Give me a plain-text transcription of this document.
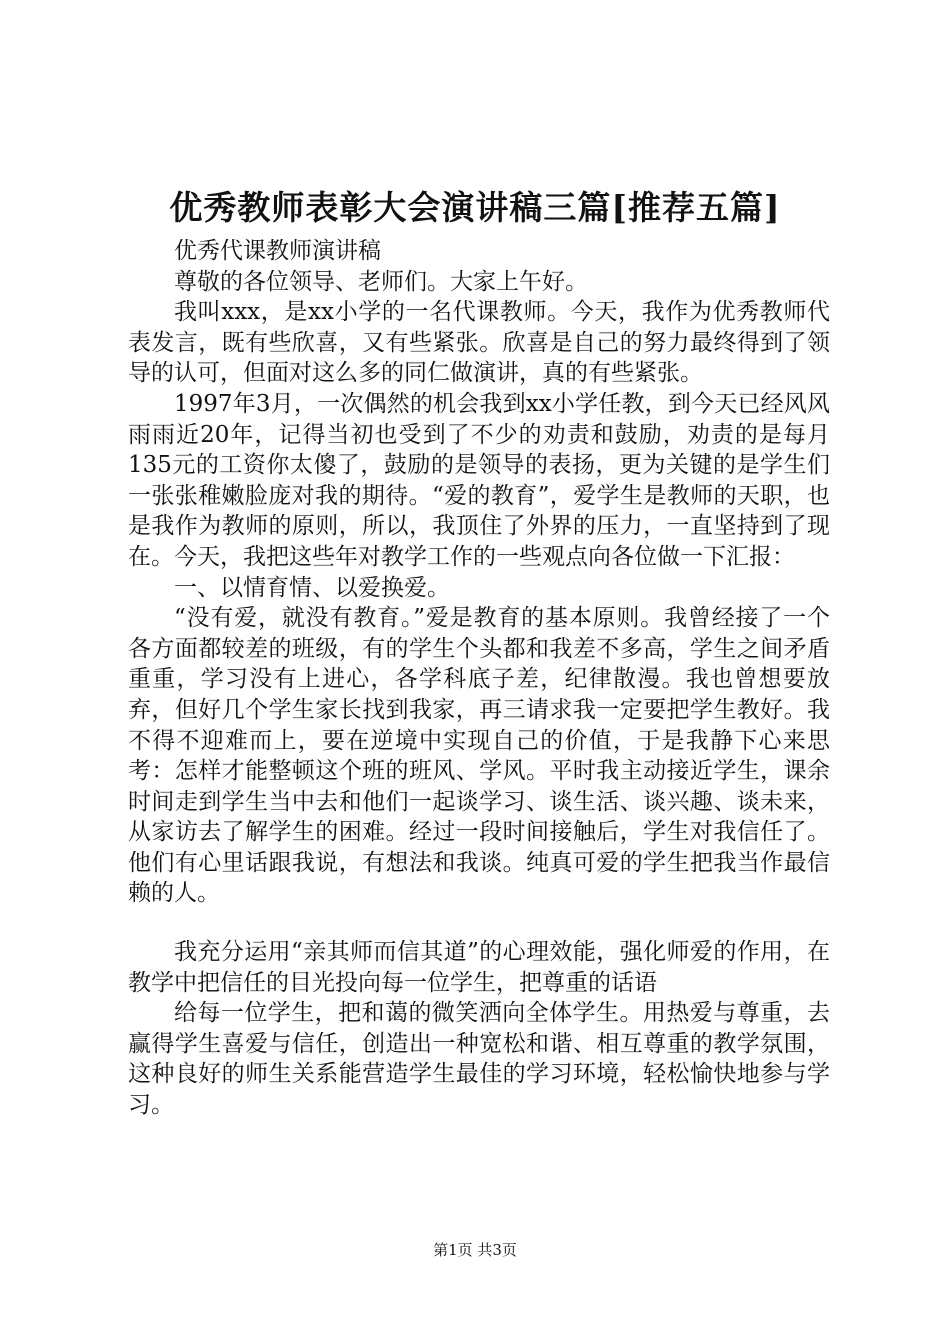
优秀教师表彰大会演讲稿三篇[推荐五篇]

优秀代课教师演讲稿

尊敬的各位领导、老师们。大家上午好。

我叫xxx，是xx小学的一名代课教师。今天，我作为优秀教师代表发言，既有些欣喜，又有些紧张。欣喜是自己的努力最终得到了领导的认可，但面对这么多的同仁做演讲，真的有些紧张。

1997年3月，一次偶然的机会我到xx小学任教，到今天已经风风雨雨近20年，记得当初也受到了不少的劝责和鼓励，劝责的是每月135元的工资你太傻了，鼓励的是领导的表扬，更为关键的是学生们一张张稚嫩脸庞对我的期待。“爱的教育”，爱学生是教师的天职，也是我作为教师的原则，所以，我顶住了外界的压力，一直坚持到了现在。今天，我把这些年对教学工作的一些观点向各位做一下汇报：

一、以情育情、以爱换爱。

“没有爱，就没有教育。”爱是教育的基本原则。我曾经接了一个各方面都较差的班级，有的学生个头都和我差不多高，学生之间矛盾重重，学习没有上进心，各学科底子差，纪律散漫。我也曾想要放弃，但好几个学生家长找到我家，再三请求我一定要把学生教好。我不得不迎难而上，要在逆境中实现自己的价值，于是我静下心来思考：怎样才能整顿这个班的班风、学风。平时我主动接近学生，课余时间走到学生当中去和他们一起谈学习、谈生活、谈兴趣、谈未来，从家访去了解学生的困难。经过一段时间接触后，学生对我信任了。他们有心里话跟我说，有想法和我谈。纯真可爱的学生把我当作最信赖的人。

我充分运用“亲其师而信其道”的心理效能，强化师爱的作用，在教学中把信任的目光投向每一位学生，把尊重的话语

给每一位学生，把和蔼的微笑洒向全体学生。用热爱与尊重，去赢得学生喜爱与信任，创造出一种宽松和谐、相互尊重的教学氛围，这种良好的师生关系能营造学生最佳的学习环境，轻松愉快地参与学习。

第1页 共3页
